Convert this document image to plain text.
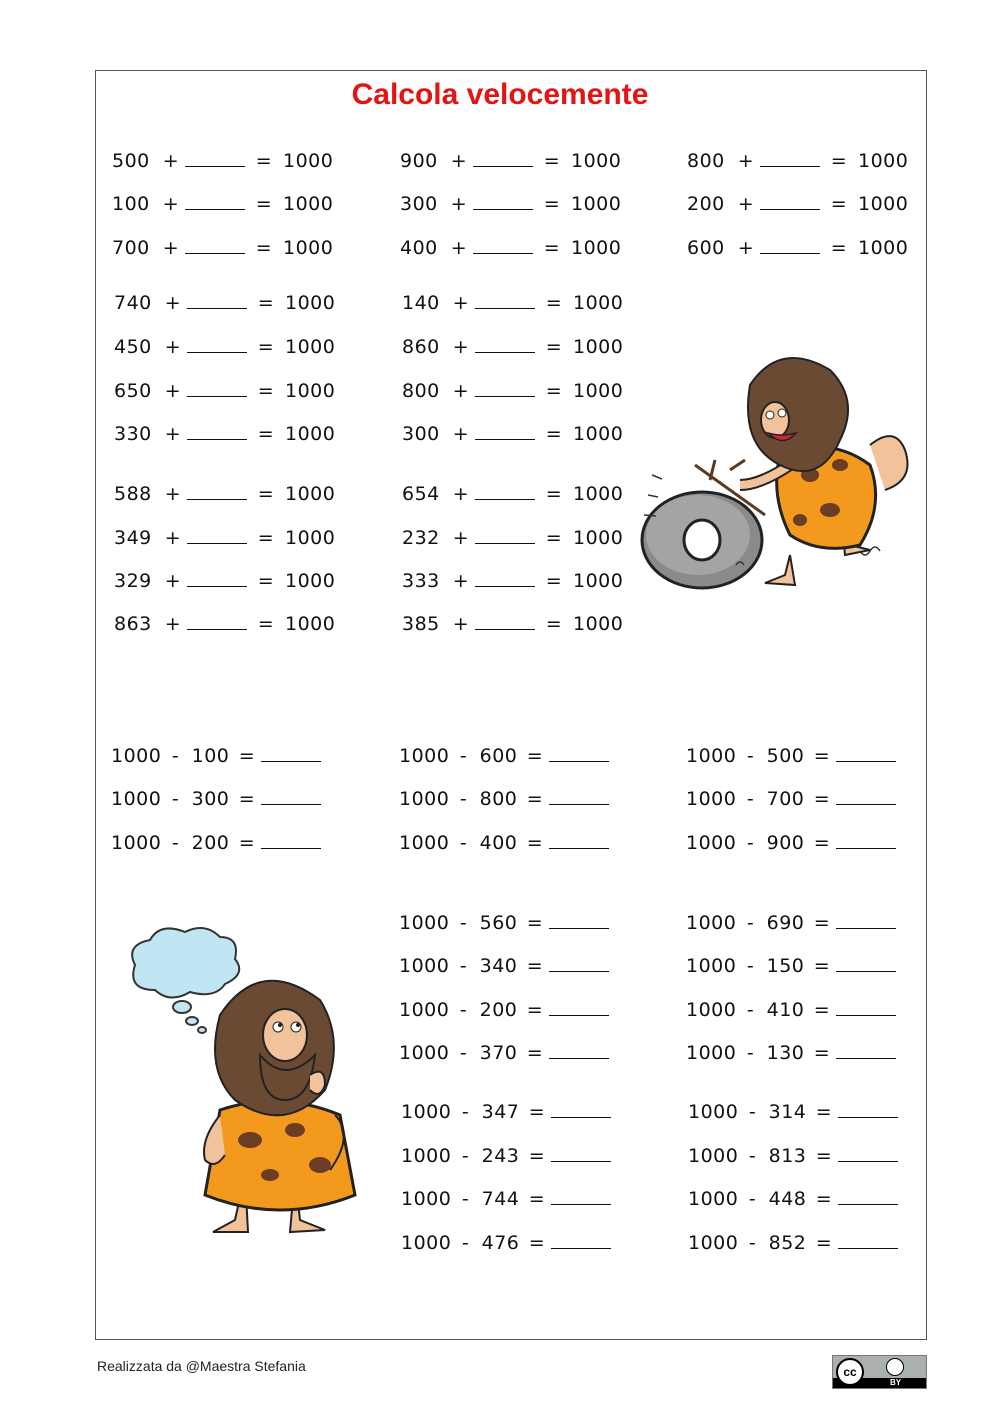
Calcola velocemente
500 +	= 1000
100 +	= 1000
700 +	= 1000
740 +	= 1000
450 +	= 1000
650 +	= 1000
330 +	= 1000
588 +	= 1000
349 +	= 1000
329 +	= 1000
863 +	= 1000
900 +	= 1000
300 +	= 1000
400 +	= 1000
140 +	= 1000
860 +	= 1000
800 +	= 1000
300 +	= 1000
654 +	= 1000
232 +	= 1000
333 +	= 1000
385 +	= 1000
800 +	= 1000
200 +	= 1000
600 +	= 1000
1000 - 100 =
1000 - 300 =
1000 - 200 =
1000 - 600 =
1000 - 800 =
1000 - 400 =
1000 - 500 =
1000 - 700 =
1000 - 900 =
1000 - 560 =
1000 - 340 =
1000 - 200 =
1000 - 370 =
1000 - 347 =
1000 - 243 =
1000 - 744 =
1000 - 476 =
1000 - 690 =
1000 - 150 =
1000 - 410 =
1000 - 130 =
1000 - 314 =
1000 - 813 =
1000 - 448 =
1000 - 852 =
Realizzata da @Maestra Stefania	cc
BY
